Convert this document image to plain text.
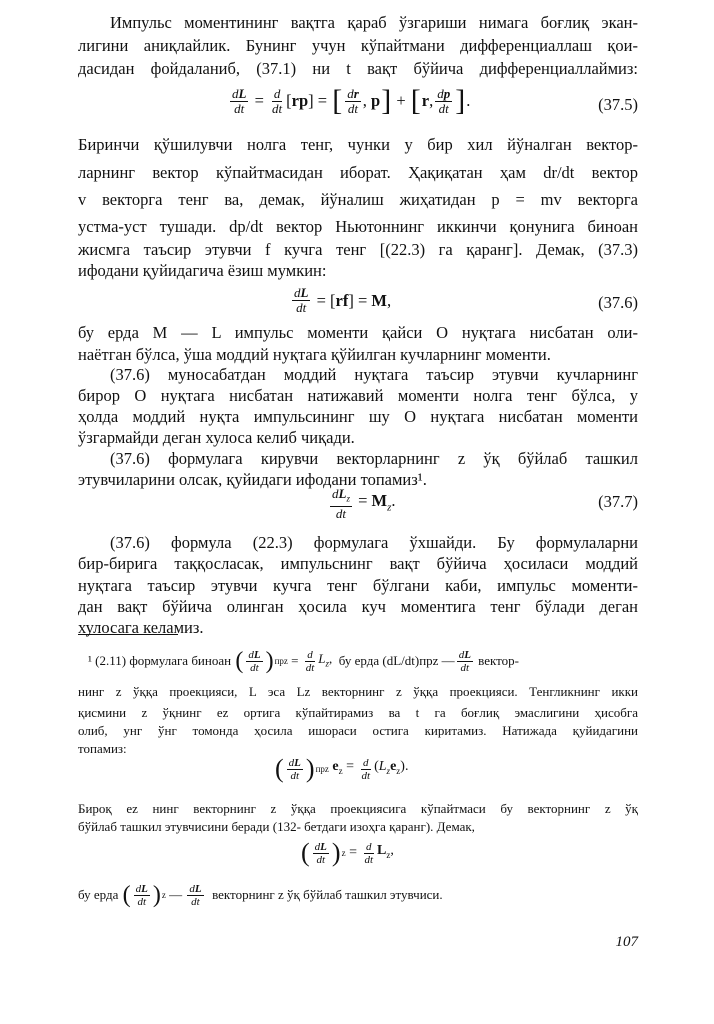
Импульс моментининг вақтга қараб ўзгариши нимага боғлиқ экан-
лигини аниқлайлик. Бунинг учун кўпайтмани дифференциаллаш қои-
дасидан фойдаланиб, (37.1) ни t вақт бўйича дифференциаллаймиз:
$\frac{dL}{dt} = \frac{d}{dt} [rp]$ = [ $\frac{dr}{dt}$ , p ] + [ r, $\frac{dp}{dt}$ ] .	(37.5)
Биринчи қўшилувчи нолга тенг, чунки у бир хил йўналган вектор-
ларнинг вектор кўпайтмасидан иборат. Ҳақиқатан ҳам dr/dt вектор
v векторга тенг ва, демак, йўналиш жиҳатидан p = mv векторга
устма-уст тушади. dp/dt вектор Ньютоннинг иккинчи қонунига биноан
жисмга таъсир этувчи f кучга тенг [(22.3) га қаранг]. Демак, (37.3)
ифодани қуйидагича ёзиш мумкин:
$\frac{dL}{dt} = [rf] = M$,	(37.6)
бу ерда M — L импульс моменти қайси O нуқтага нисбатан оли-
наётган бўлса, ўша моддий нуқтага қўйилган кучларнинг моменти.
(37.6) муносабатдан моддий нуқтага таъсир этувчи кучларнинг
бирор O нуқтага нисбатан натижавий моменти нолга тенг бўлса, у
ҳолда моддий нуқта импульсининг шу O нуқтага нисбатан моменти
ўзгармайди деган хулоса келиб чиқади.
(37.6) формулага кирувчи векторларнинг z ўқ бўйлаб ташкил
этувчиларини олсак, қуйидаги ифодани топамиз¹.
$\frac{dL_z}{dt} = M_z$.	(37.7)
(37.6) формула (22.3) формулага ўхшайди. Бу формулаларни
бир-бирига таққосласак, импульснинг вақт бўйича ҳосиласи моддий
нуқтага таъсир этувчи кучга тенг бўлгани каби, импульс моменти-
дан вақт бўйича олинган ҳосила куч моментига тенг бўлади деган
хулосага келамиз.
¹ (2.11) формулага биноан
( $\frac{dL}{dt}$ ) прz = $\frac{d}{dt} L_z$, бу ерда (dL/dt)прz — $\frac{dL}{dt}$
вектор-
нинг z ўққа проекцияси, L эса Lz векторнинг z ўққа проекцияси. Тенгликнинг икки
қисмини z ўқнинг ez ортига кўпайтирамиз ва t га боғлиқ эмаслигини ҳисобга
олиб, унг ўнг томонда ҳосила ишораси остига киритамиз. Натижада қуйидагини
топамиз:
( $\frac{dL}{dt}$ ) прz $e_z = \frac{d}{dt} (L_ze_z)$.
Бироқ ez нинг векторнинг z ўққа проекциясига кўпайтмаси бу векторнинг z ўқ
бўйлаб ташкил этувчисини беради (132- бетдаги изоҳга қаранг). Демак,
( $\frac{dL}{dt}$ ) $z = \frac{d}{dt} L_z$,
бу ерда
( $\frac{dL}{dt}$ ) z — $\frac{dL}{dt}$
векторнинг z ўқ бўйлаб ташкил этувчиси.
107
